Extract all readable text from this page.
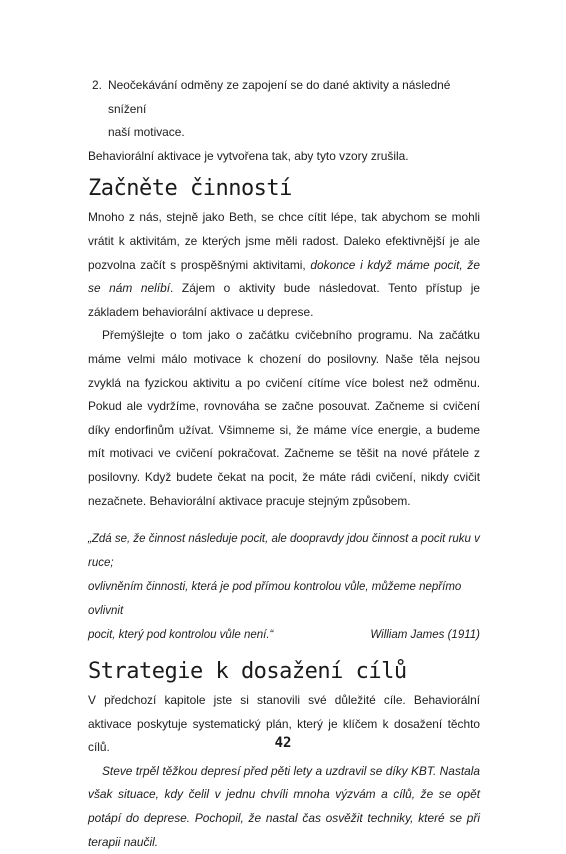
2. Neočekávání odměny ze zapojení se do dané aktivity a následné snížení
naší motivace.

Behaviorální aktivace je vytvořena tak, aby tyto vzory zrušila.

Začněte činností

Mnoho z nás, stejně jako Beth, se chce cítit lépe, tak abychom se mohli vrátit k aktivitám, ze kterých jsme měli radost. Daleko efektivnější je ale pozvolna začít s prospěšnými aktivitami, dokonce i když máme pocit, že se nám nelíbí. Zájem o aktivity bude následovat. Tento přístup je základem behaviorální aktivace u deprese.

Přemýšlejte o tom jako o začátku cvičebního programu. Na začátku máme velmi málo motivace k chození do posilovny. Naše těla nejsou zvyklá na fyzickou aktivitu a po cvičení cítíme více bolest než odměnu. Pokud ale vydržíme, rovnováha se začne posouvat. Začneme si cvičení díky endorfinům užívat. Všimneme si, že máme více energie, a budeme mít motivaci ve cvičení pokračovat. Začneme se těšit na nové přátele z posilovny. Když budete čekat na pocit, že máte rádi cvičení, nikdy cvičit nezačnete. Behaviorální aktivace pracuje stejným způsobem.

„Zdá se, že činnost následuje pocit, ale doopravdy jdou činnost a pocit ruku v ruce;
ovlivněním činnosti, která je pod přímou kontrolou vůle, můžeme nepřímo ovlivnit
pocit, který pod kontrolou vůle není.“	William James (1911)
Strategie k dosažení cílů

V předchozí kapitole jste si stanovili své důležité cíle. Behaviorální aktivace poskytuje systematický plán, který je klíčem k dosažení těchto cílů.

Steve trpěl těžkou depresí před pěti lety a uzdravil se díky KBT. Nastala však situace, kdy čelil v jednu chvíli mnoha výzvám a cílů, že se opět potápí do deprese. Pochopil, že nastal čas osvěžit techniky, které se při terapii naučil.

42
